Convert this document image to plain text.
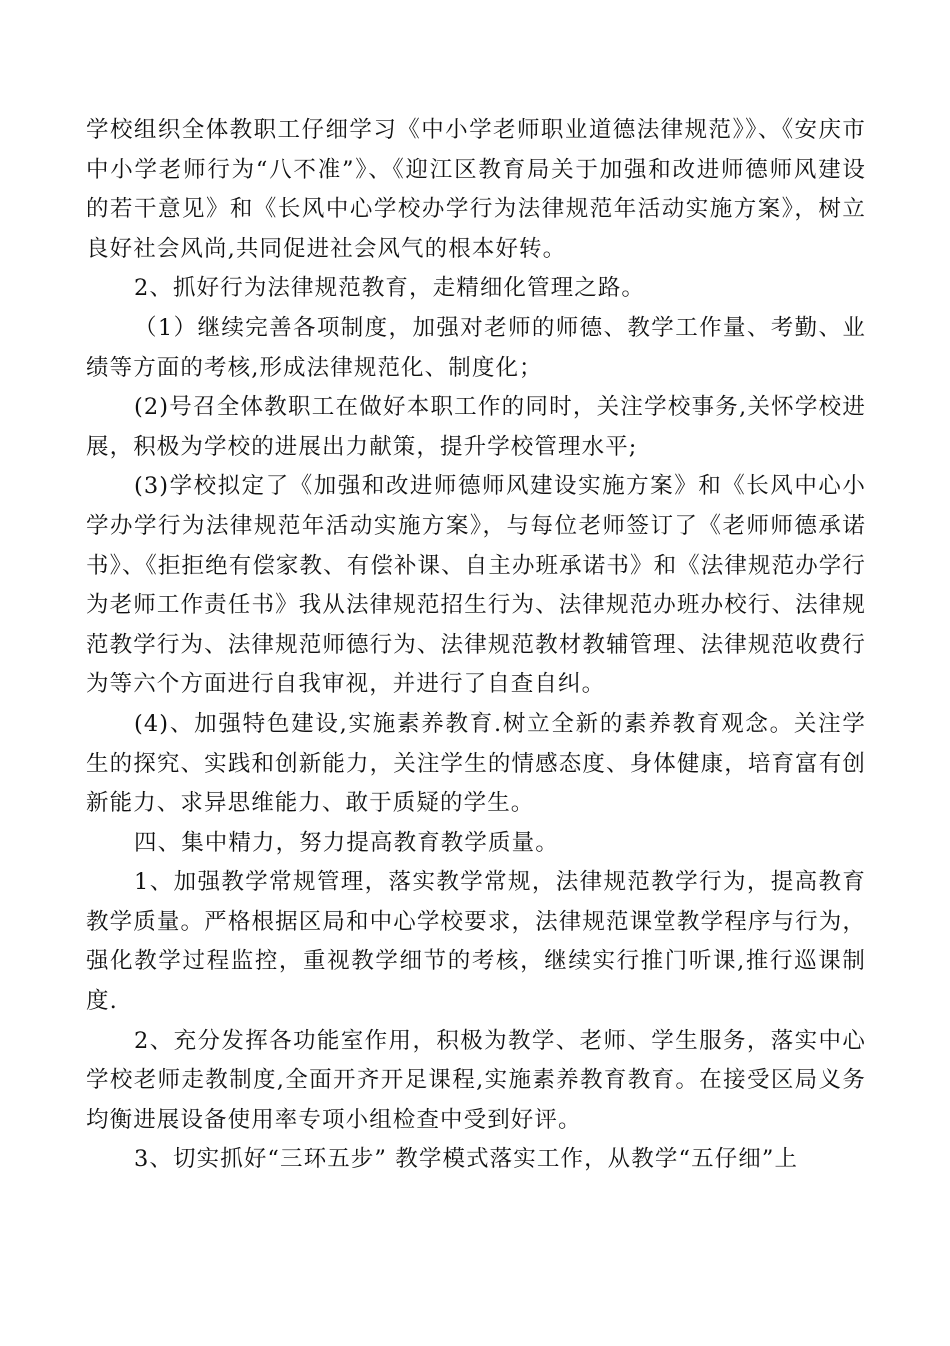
学校组织全体教职工仔细学习《中小学老师职业道德法律规范》》、《安庆市中小学老师行为“八不准”》、《迎江区教育局关于加强和改进师德师风建设的若干意见》和《长风中心学校办学行为法律规范年活动实施方案》，树立良好社会风尚,共同促进社会风气的根本好转。

2、抓好行为法律规范教育，走精细化管理之路。

（1）继续完善各项制度，加强对老师的师德、教学工作量、考勤、业绩等方面的考核,形成法律规范化、制度化；

(2)号召全体教职工在做好本职工作的同时，关注学校事务,关怀学校进展，积极为学校的进展出力献策，提升学校管理水平;

(3)学校拟定了《加强和改进师德师风建设实施方案》和《长风中心小学办学行为法律规范年活动实施方案》，与每位老师签订了《老师师德承诺书》、《拒拒绝有偿家教、有偿补课、自主办班承诺书》和《法律规范办学行为老师工作责任书》我从法律规范招生行为、法律规范办班办校行、法律规范教学行为、法律规范师德行为、法律规范教材教辅管理、法律规范收费行为等六个方面进行自我审视，并进行了自查自纠。

(4)、加强特色建设,实施素养教育.树立全新的素养教育观念。关注学生的探究、实践和创新能力，关注学生的情感态度、身体健康，培育富有创新能力、求异思维能力、敢于质疑的学生。

四、集中精力，努力提高教育教学质量。

1、加强教学常规管理，落实教学常规，法律规范教学行为，提高教育教学质量。严格根据区局和中心学校要求，法律规范课堂教学程序与行为，强化教学过程监控，重视教学细节的考核，继续实行推门听课,推行巡课制度.

2、充分发挥各功能室作用，积极为教学、老师、学生服务，落实中心学校老师走教制度,全面开齐开足课程,实施素养教育教育。在接受区局义务均衡进展设备使用率专项小组检查中受到好评。

3、切实抓好“三环五步” 教学模式落实工作，从教学“五仔细”上
